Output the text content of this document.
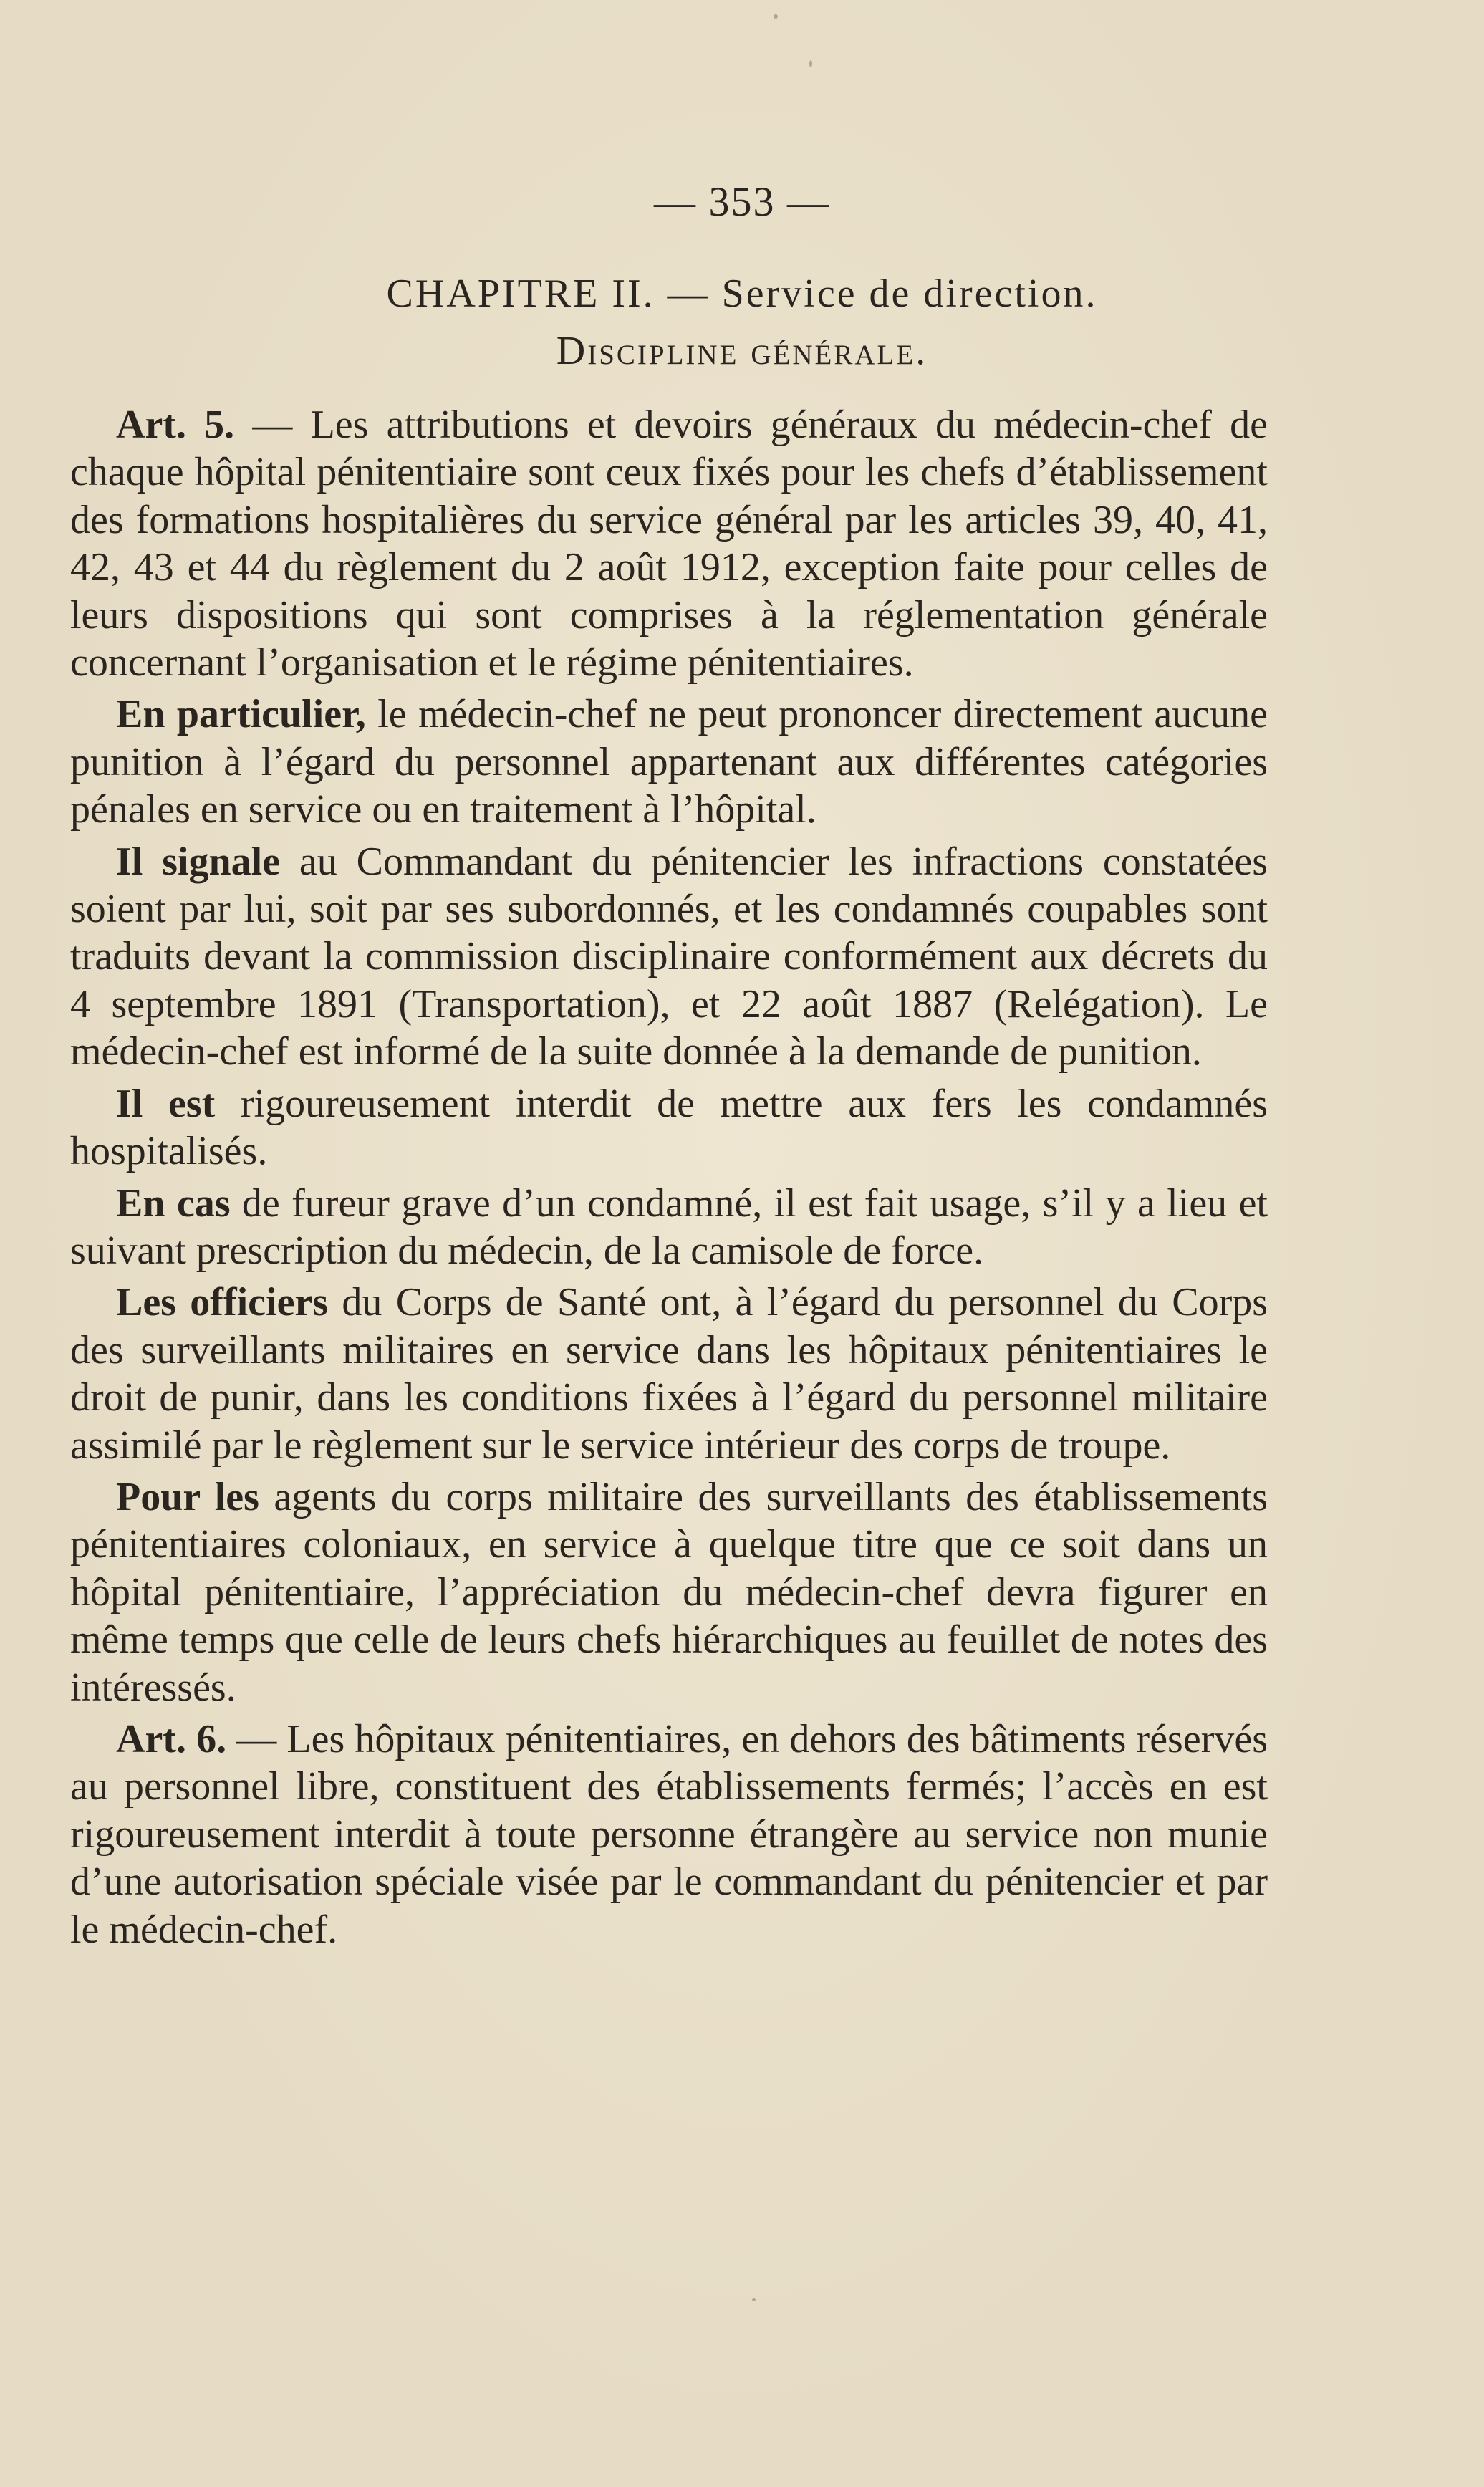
— 353 —
CHAPITRE II. — Service de direction.
Discipline générale.

Art. 5. — Les attributions et devoirs généraux du médecin-chef de chaque hôpital pénitentiaire sont ceux fixés pour les chefs d’établissement des formations hospitalières du service général par les articles 39, 40, 41, 42, 43 et 44 du règlement du 2 août 1912, exception faite pour celles de leurs dispositions qui sont comprises à la réglementation générale concernant l’organisation et le régime pénitentiaires.

En particulier, le médecin-chef ne peut prononcer directement aucune punition à l’égard du personnel appartenant aux différentes catégories pénales en service ou en traitement à l’hôpital.

Il signale au Commandant du pénitencier les infractions constatées soient par lui, soit par ses subordonnés, et les condamnés coupables sont traduits devant la commission disciplinaire conformément aux décrets du 4 septembre 1891 (Transportation), et 22 août 1887 (Relégation). Le médecin-chef est informé de la suite donnée à la demande de punition.

Il est rigoureusement interdit de mettre aux fers les condamnés hospitalisés.

En cas de fureur grave d’un condamné, il est fait usage, s’il y a lieu et suivant prescription du médecin, de la camisole de force.

Les officiers du Corps de Santé ont, à l’égard du personnel du Corps des surveillants militaires en service dans les hôpitaux pénitentiaires le droit de punir, dans les conditions fixées à l’égard du personnel militaire assimilé par le règlement sur le service intérieur des corps de troupe.

Pour les agents du corps militaire des surveillants des établissements pénitentiaires coloniaux, en service à quelque titre que ce soit dans un hôpital pénitentiaire, l’appréciation du médecin-chef devra figurer en même temps que celle de leurs chefs hiérarchiques au feuillet de notes des intéressés.

Art. 6. — Les hôpitaux pénitentiaires, en dehors des bâtiments réservés au personnel libre, constituent des établissements fermés; l’accès en est rigoureusement interdit à toute personne étrangère au service non munie d’une autorisation spéciale visée par le commandant du pénitencier et par le médecin-chef.
